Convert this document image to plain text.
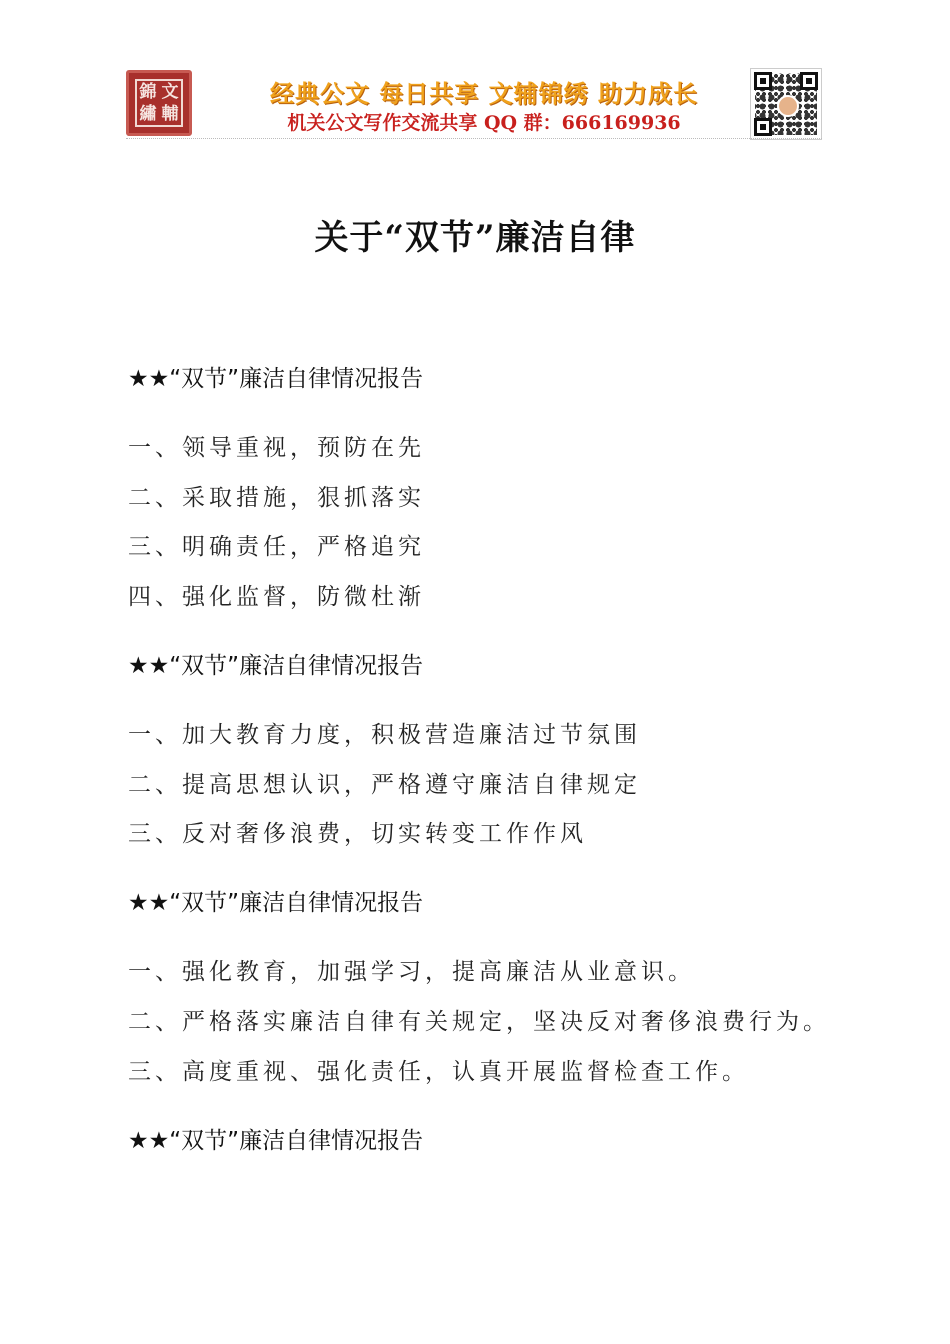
錦 文
繡 輔
经典公文 每日共享 文辅锦绣 助力成长
机关公文写作交流共享 QQ 群：666169936
关于“双节”廉洁自律
★★“双节”廉洁自律情况报告
一、领导重视，预防在先
二、采取措施，狠抓落实
三、明确责任，严格追究
四、强化监督，防微杜渐
★★“双节”廉洁自律情况报告
一、加大教育力度，积极营造廉洁过节氛围
二、提高思想认识，严格遵守廉洁自律规定
三、反对奢侈浪费，切实转变工作作风
★★“双节”廉洁自律情况报告
一、强化教育，加强学习，提高廉洁从业意识。
二、严格落实廉洁自律有关规定，坚决反对奢侈浪费行为。
三、高度重视、强化责任，认真开展监督检查工作。
★★“双节”廉洁自律情况报告
